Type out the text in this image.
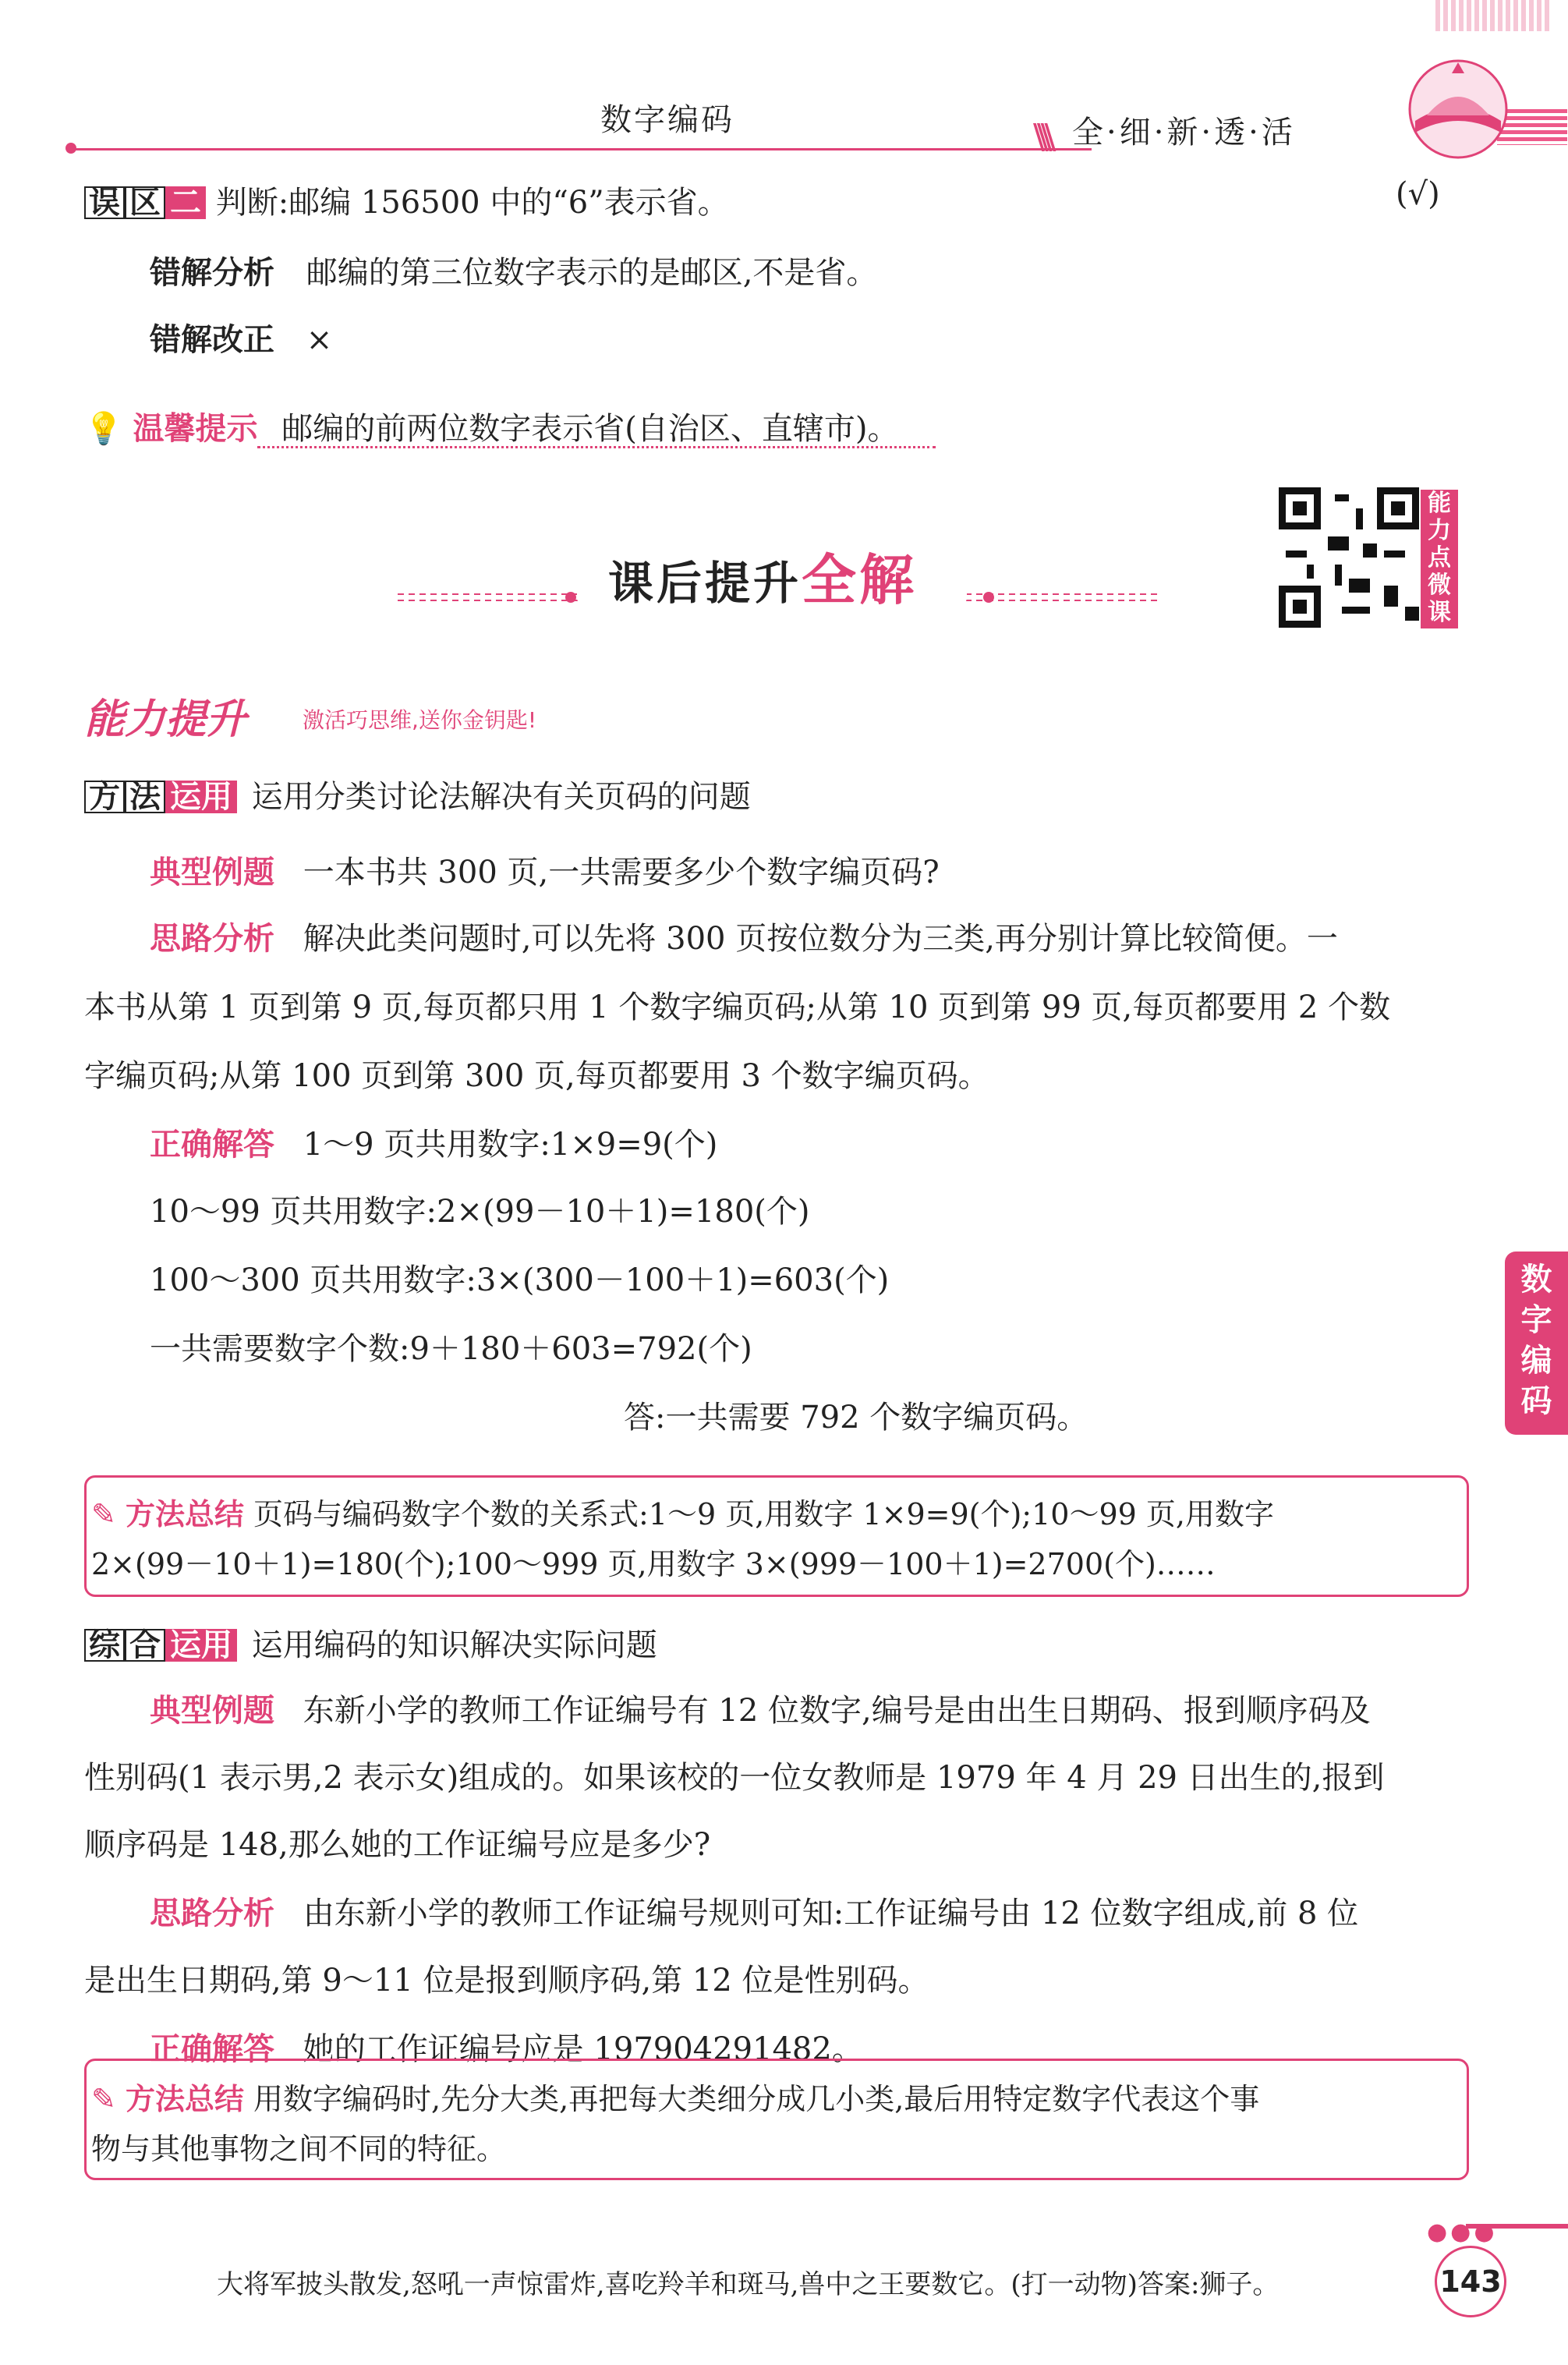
数字编码	\\\\ 全·细·新·透·活
误 区 二 判断:邮编 156500 中的“6”表示省。	(√)
错解分析 邮编的第三位数字表示的是邮区,不是省。
错解改正 ×
💡 温馨提示 邮编的前两位数字表示省(自治区、直辖市)。
课后提升全解
能力点微课
能力提升	激活巧思维,送你金钥匙!
方 法 运用 运用分类讨论法解决有关页码的问题
典型例题 一本书共 300 页,一共需要多少个数字编页码?
思路分析 解决此类问题时,可以先将 300 页按位数分为三类,再分别计算比较简便。一
本书从第 1 页到第 9 页,每页都只用 1 个数字编页码;从第 10 页到第 99 页,每页都要用 2 个数
字编页码;从第 100 页到第 300 页,每页都要用 3 个数字编页码。
正确解答 1～9 页共用数字:1×9=9(个)
10～99 页共用数字:2×(99－10＋1)=180(个)
100～300 页共用数字:3×(300－100＋1)=603(个)
一共需要数字个数:9＋180＋603=792(个)
答:一共需要 792 个数字编页码。
✎ 方法总结 页码与编码数字个数的关系式:1～9 页,用数字 1×9=9(个);10～99 页,用数字
2×(99－10＋1)=180(个);100～999 页,用数字 3×(999－100＋1)=2700(个)……
综 合 运用 运用编码的知识解决实际问题
典型例题 东新小学的教师工作证编号有 12 位数字,编号是由出生日期码、报到顺序码及
性别码(1 表示男,2 表示女)组成的。如果该校的一位女教师是 1979 年 4 月 29 日出生的,报到
顺序码是 148,那么她的工作证编号应是多少?
思路分析 由东新小学的教师工作证编号规则可知:工作证编号由 12 位数字组成,前 8 位
是出生日期码,第 9～11 位是报到顺序码,第 12 位是性别码。
正确解答 她的工作证编号应是 197904291482。
✎ 方法总结 用数字编码时,先分大类,再把每大类细分成几小类,最后用特定数字代表这个事
物与其他事物之间不同的特征。
数字编码
●●●
大将军披头散发,怒吼一声惊雷炸,喜吃羚羊和斑马,兽中之王要数它。(打一动物)答案:狮子。	143
